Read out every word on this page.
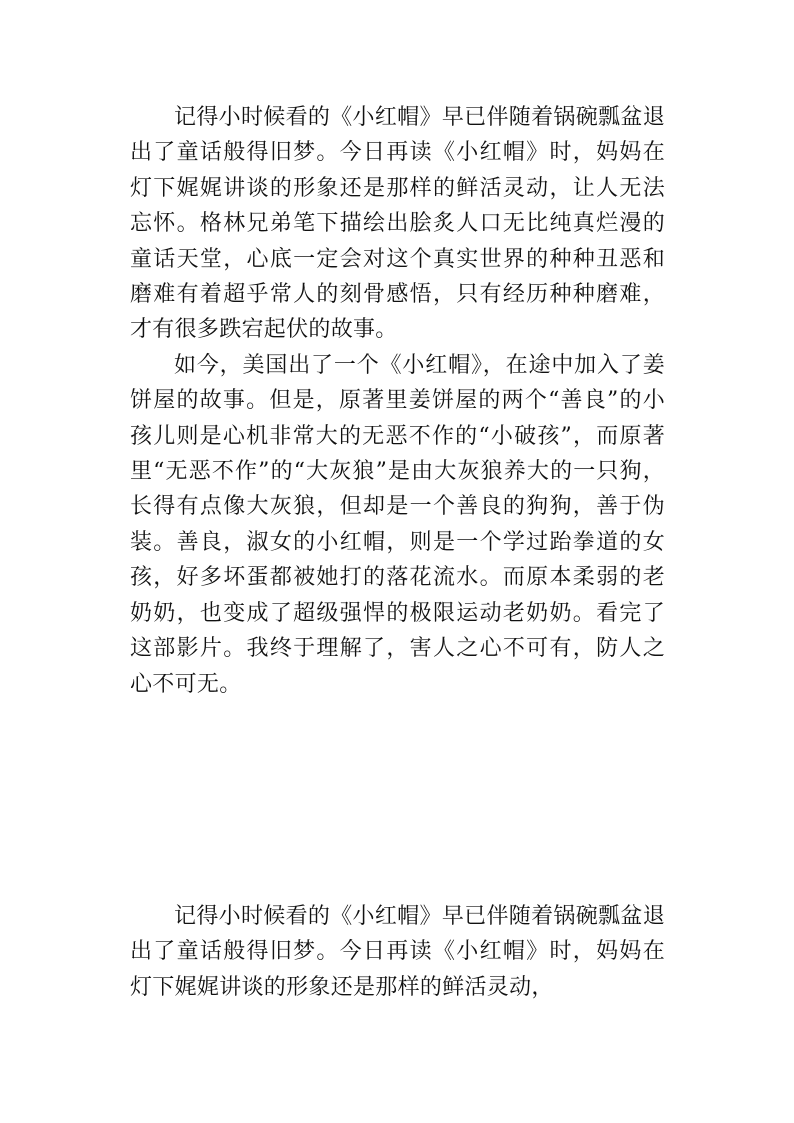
记得小时候看的《小红帽》早已伴随着锅碗瓢盆退出了童话般得旧梦。今日再读《小红帽》时，妈妈在灯下娓娓讲谈的形象还是那样的鲜活灵动，让人无法忘怀。格林兄弟笔下描绘出脍炙人口无比纯真烂漫的童话天堂，心底一定会对这个真实世界的种种丑恶和磨难有着超乎常人的刻骨感悟，只有经历种种磨难，才有很多跌宕起伏的故事。

如今，美国出了一个《小红帽》，在途中加入了姜饼屋的故事。但是，原著里姜饼屋的两个“善良”的小孩儿则是心机非常大的无恶不作的“小破孩”，而原著里“无恶不作”的“大灰狼”是由大灰狼养大的一只狗，长得有点像大灰狼，但却是一个善良的狗狗，善于伪装。善良，淑女的小红帽，则是一个学过跆拳道的女孩，好多坏蛋都被她打的落花流水。而原本柔弱的老奶奶，也变成了超级强悍的极限运动老奶奶。看完了这部影片。我终于理解了，害人之心不可有，防人之心不可无。

记得小时候看的《小红帽》早已伴随着锅碗瓢盆退出了童话般得旧梦。今日再读《小红帽》时，妈妈在灯下娓娓讲谈的形象还是那样的鲜活灵动，
